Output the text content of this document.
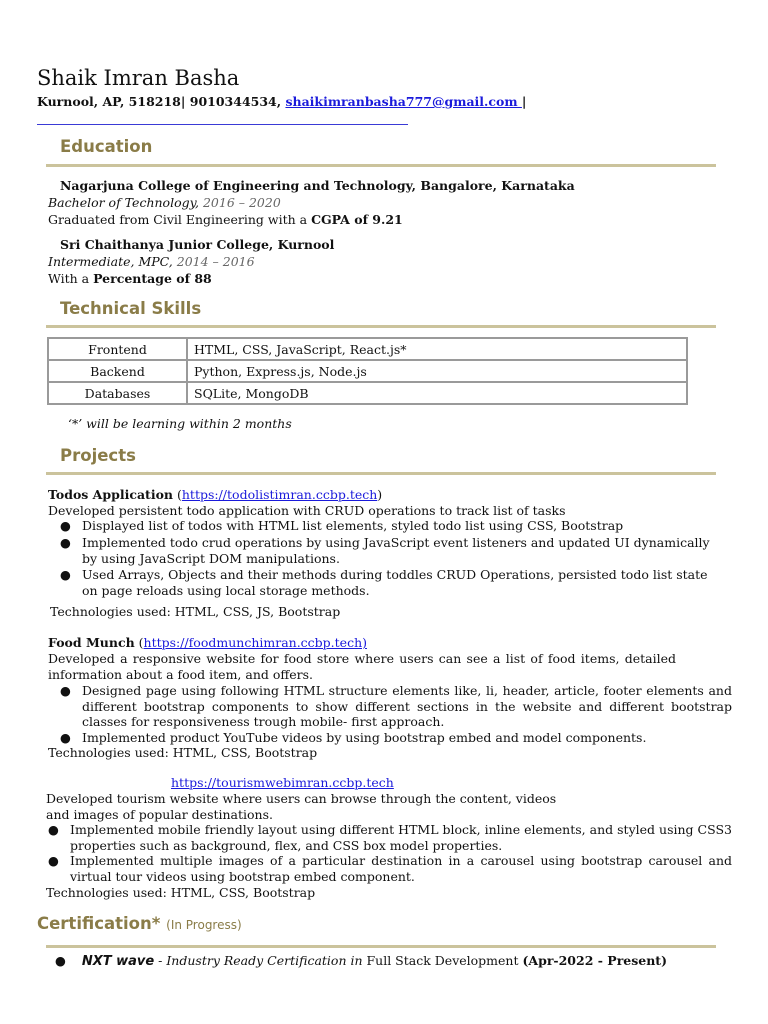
Shaik Imran Basha
Kurnool, AP, 518218| 9010344534, shaikimranbasha777@gmail.com |
Education
Nagarjuna College of Engineering and Technology, Bangalore, Karnataka
Bachelor of Technology, 2016 – 2020
Graduated from Civil Engineering with a CGPA of 9.21
Sri Chaithanya Junior College, Kurnool
Intermediate, MPC, 2014 – 2016
With a Percentage of 88
Technical Skills
Frontend	HTML, CSS, JavaScript, React.js*
Backend	Python, Express.js, Node.js
Databases	SQLite, MongoDB
‘*’ will be learning within 2 months
Projects
Todos Application (https://todolistimran.ccbp.tech)
Developed persistent todo application with CRUD operations to track list of tasks
● Displayed list of todos with HTML list elements, styled todo list using CSS, Bootstrap
● Implemented todo crud operations by using JavaScript event listeners and updated UI dynamically by using JavaScript DOM manipulations.
● Used Arrays, Objects and their methods during toddles CRUD Operations, persisted todo list state on page reloads using local storage methods.
Technologies used: HTML, CSS, JS, Bootstrap
Food Munch (https://foodmunchimran.ccbp.tech)
Developed a responsive website for food store where users can see a list of food items, detailed information about a food item, and offers.
● Designed page using following HTML structure elements like, li, header, article, footer elements and different bootstrap components to show different sections in the website and different bootstrap classes for responsiveness trough mobile- first approach.
● Implemented product YouTube videos by using bootstrap embed and model components.
Technologies used: HTML, CSS, Bootstrap
https://tourismwebimran.ccbp.tech
Developed tourism website where users can browse through the content, videos and images of popular destinations.
● Implemented mobile friendly layout using different HTML block, inline elements, and styled using CSS3 properties such as background, flex, and CSS box model properties.
● Implemented multiple images of a particular destination in a carousel using bootstrap carousel and virtual tour videos using bootstrap embed component.
Technologies used: HTML, CSS, Bootstrap
Certification* (In Progress)
●    NXT wave - Industry Ready Certification in Full Stack Development (Apr-2022 - Present)
